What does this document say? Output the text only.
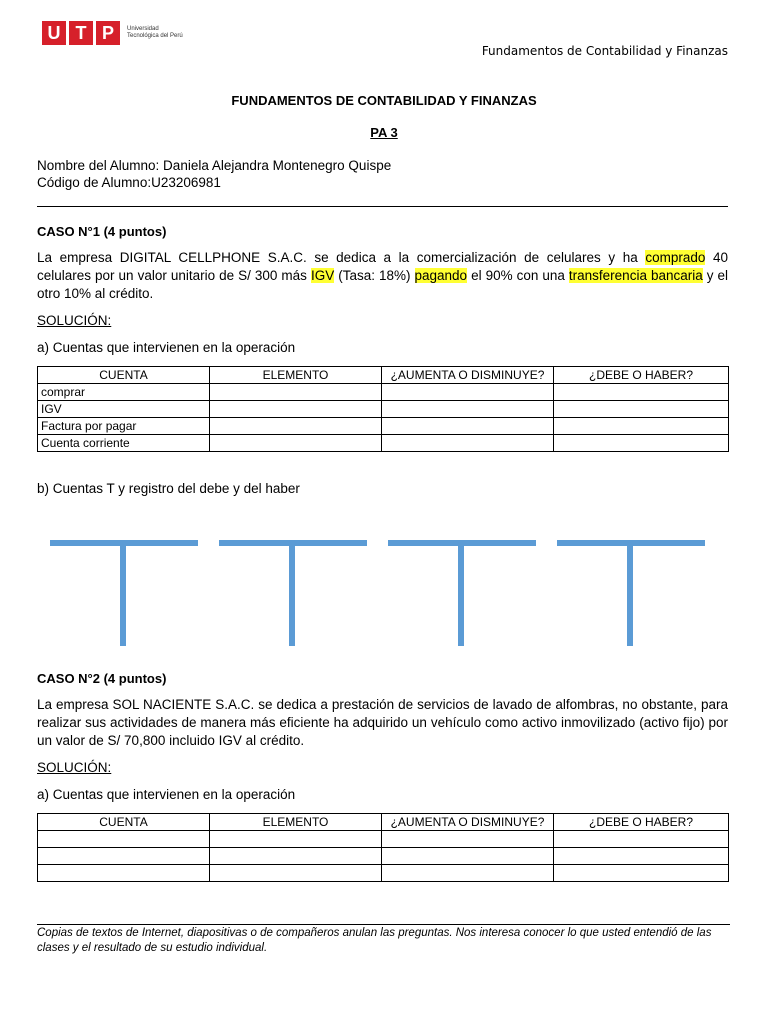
U T P	Universidad Tecnológica del Perú
Fundamentos de Contabilidad y Finanzas
FUNDAMENTOS DE CONTABILIDAD Y FINANZAS
PA 3
Nombre del Alumno: Daniela Alejandra Montenegro Quispe
Código de Alumno:U23206981
CASO N°1 (4 puntos)
La empresa DIGITAL CELLPHONE S.A.C. se dedica a la comercialización de celulares y ha comprado 40 celulares por un valor unitario de S/ 300 más IGV (Tasa: 18%) pagando el 90% con una transferencia bancaria y el otro 10% al crédito.
SOLUCIÓN:
a) Cuentas que intervienen en la operación
CUENTA	ELEMENTO	¿AUMENTA O DISMINUYE?	¿DEBE O HABER?
comprar			
IGV			
Factura por pagar			
Cuenta corriente			
b) Cuentas T y registro del debe y del haber
CASO N°2 (4 puntos)
La empresa SOL NACIENTE S.A.C. se dedica a prestación de servicios de lavado de alfombras, no obstante, para realizar sus actividades de manera más eficiente ha adquirido un vehículo como activo inmovilizado (activo fijo) por un valor de S/ 70,800 incluido IGV al crédito.
SOLUCIÓN:
a) Cuentas que intervienen en la operación
CUENTA	ELEMENTO	¿AUMENTA O DISMINUYE?	¿DEBE O HABER?

Copias de textos de Internet, diapositivas o de compañeros anulan las preguntas. Nos interesa conocer lo que usted entendió de las clases y el resultado de su estudio individual.
